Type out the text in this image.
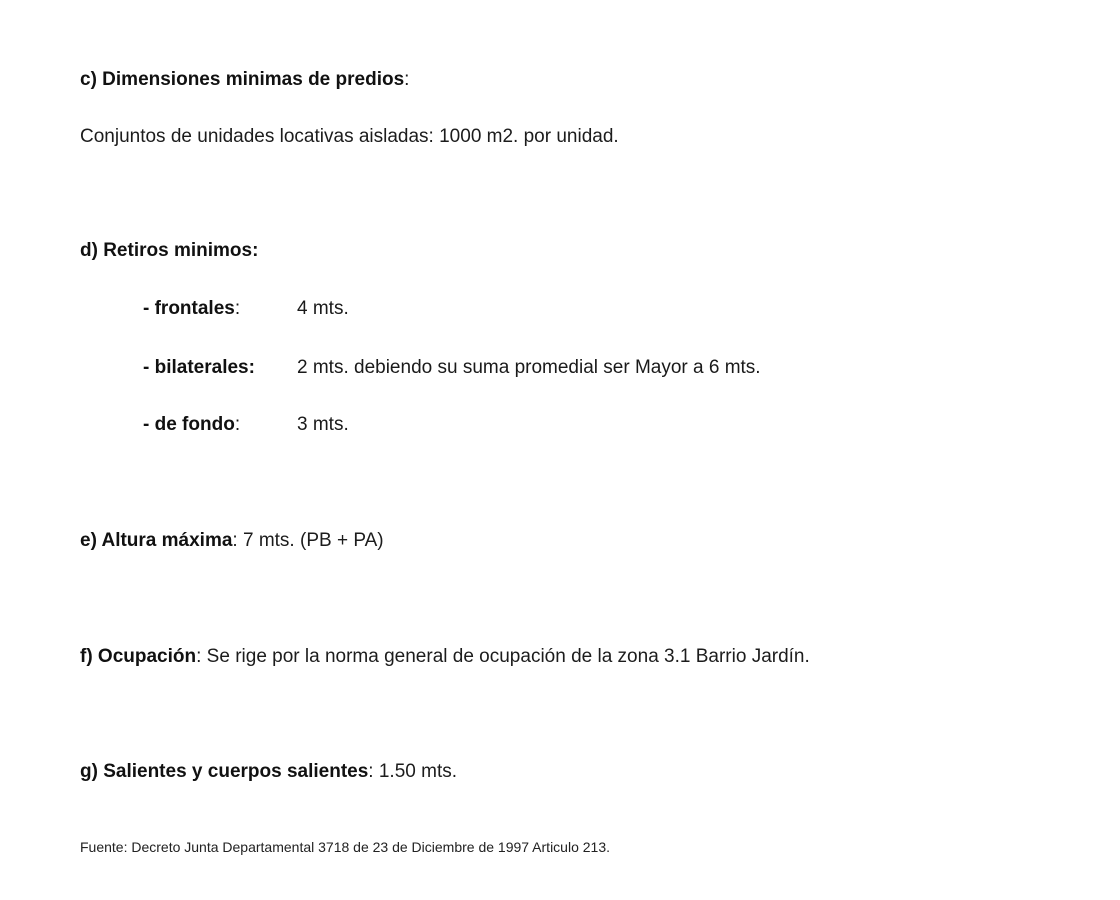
c) Dimensiones minimas de predios:
Conjuntos de unidades locativas aisladas: 1000 m2. por unidad.
d) Retiros minimos:
- frontales:	4 mts.
- bilaterales: 2 mts. debiendo su suma promedial ser Mayor a 6 mts.
- de fondo:	3 mts.
e) Altura máxima: 7 mts. (PB + PA)
f) Ocupación: Se rige por la norma general de ocupación de la zona 3.1 Barrio Jardín.
g) Salientes y cuerpos salientes: 1.50 mts.
Fuente: Decreto Junta Departamental 3718 de 23 de Diciembre de 1997 Articulo 213.
